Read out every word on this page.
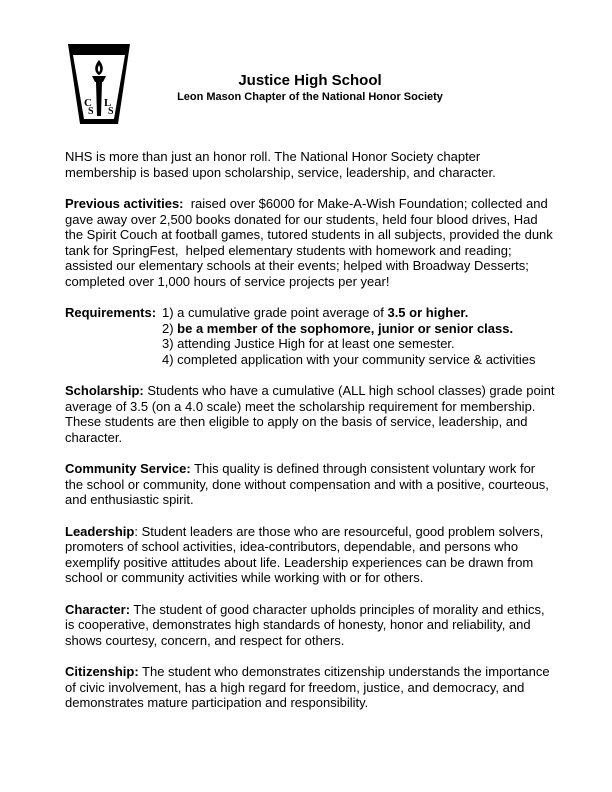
NATIONAL
HONOR SOCIETY
C
S
L
S
Justice High School
Leon Mason Chapter of the National Honor Society

NHS is more than just an honor roll. The National Honor Society chapter membership is based upon scholarship, service, leadership, and character.

Previous activities:  raised over $6000 for Make-A-Wish Foundation; collected and gave away over 2,500 books donated for our students, held four blood drives, Had the Spirit Couch at football games, tutored students in all subjects, provided the dunk tank for SpringFest,  helped elementary students with homework and reading; assisted our elementary schools at their events; helped with Broadway Desserts; completed over 1,000 hours of service projects per year!

Requirements: 1) a cumulative grade point average of 3.5 or higher.
2) be a member of the sophomore, junior or senior class.
3) attending Justice High for at least one semester.
4) completed application with your community service & activities

Scholarship: Students who have a cumulative (ALL high school classes) grade point average of 3.5 (on a 4.0 scale) meet the scholarship requirement for membership. These students are then eligible to apply on the basis of service, leadership, and character.

Community Service: This quality is defined through consistent voluntary work for the school or community, done without compensation and with a positive, courteous, and enthusiastic spirit.

Leadership: Student leaders are those who are resourceful, good problem solvers, promoters of school activities, idea-contributors, dependable, and persons who exemplify positive attitudes about life. Leadership experiences can be drawn from school or community activities while working with or for others.

Character: The student of good character upholds principles of morality and ethics, is cooperative, demonstrates high standards of honesty, honor and reliability, and shows courtesy, concern, and respect for others.

Citizenship: The student who demonstrates citizenship understands the importance of civic involvement, has a high regard for freedom, justice, and democracy, and demonstrates mature participation and responsibility.
